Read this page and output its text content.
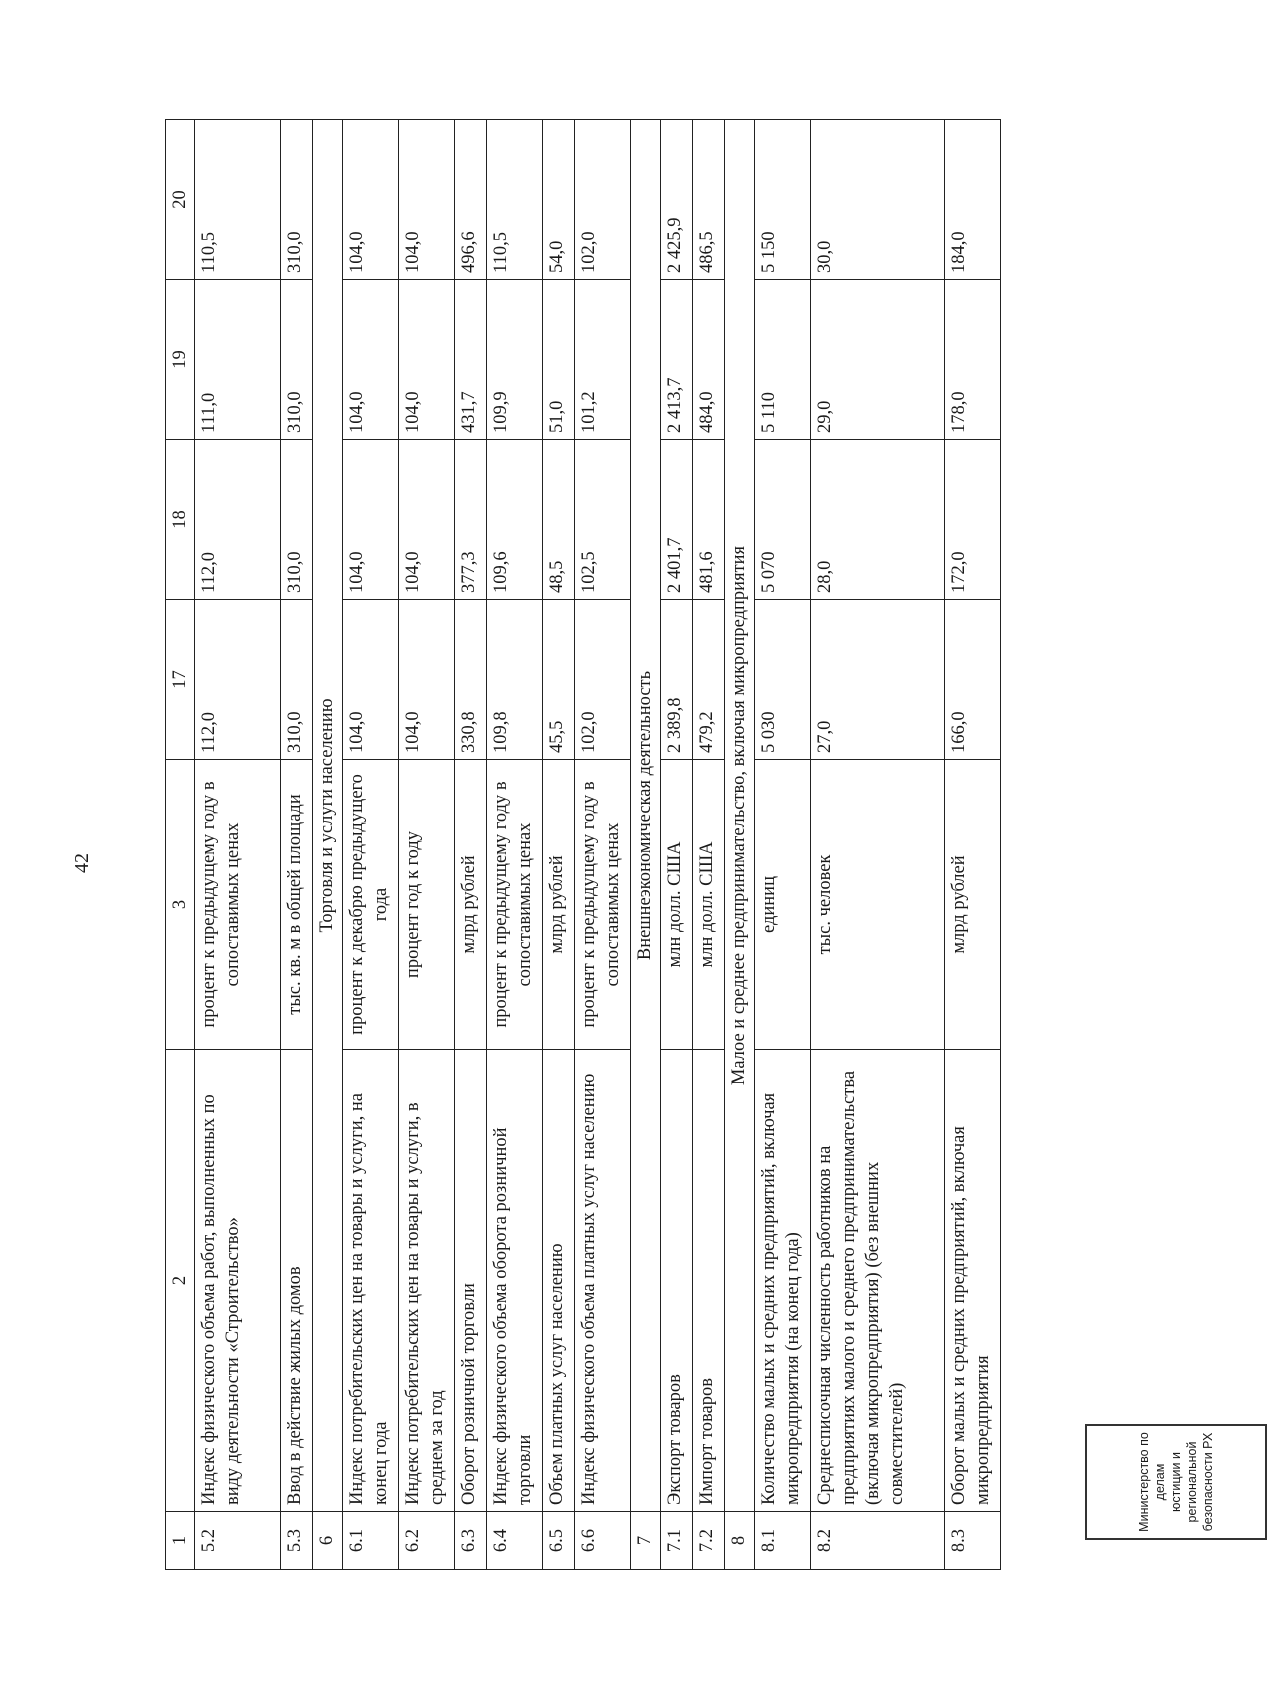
42
1	2	3	17	18	19	20
5.2	Индекс физического объема работ, выполненных по виду деятельности «Строительство»	процент к предыдущему году в сопоставимых ценах	112,0	112,0	111,0	110,5
5.3	Ввод в действие жилых домов	тыс. кв. м в общей площади	310,0	310,0	310,0	310,0
6	Торговля и услуги населению					
6.1	Индекс потребительских цен на товары и услуги, на конец года	процент к декабрю предыдущего года	104,0	104,0	104,0	104,0
6.2	Индекс потребительских цен на товары и услуги, в среднем за год	процент год к году	104,0	104,0	104,0	104,0
6.3	Оборот розничной торговли	млрд рублей	330,8	377,3	431,7	496,6
6.4	Индекс физического объема оборота розничной торговли	процент к предыдущему году в сопоставимых ценах	109,8	109,6	109,9	110,5
6.5	Объем платных услуг населению	млрд рублей	45,5	48,5	51,0	54,0
6.6	Индекс физического объема платных услуг населению	процент к предыдущему году в сопоставимых ценах	102,0	102,5	101,2	102,0
7	Внешнеэкономическая деятельность					
7.1	Экспорт товаров	млн долл. США	2 389,8	2 401,7	2 413,7	2 425,9
7.2	Импорт товаров	млн долл. США	479,2	481,6	484,0	486,5
8	Малое и среднее предпринимательство, включая микропредприятия					
8.1	Количество малых и средних предприятий, включая микропредприятия (на конец года)	единиц	5 030	5 070	5 110	5 150
8.2	Среднесписочная численность работников на предприятиях малого и среднего предпринимательства (включая микропредприятия) (без внешних совместителей)	тыс. человек	27,0	28,0	29,0	30,0
8.3	Оборот малых и средних предприятий, включая микропредприятия	млрд рублей	166,0	172,0	178,0	184,0
Министерство по делам юстиции и региональной безопасности РХ
